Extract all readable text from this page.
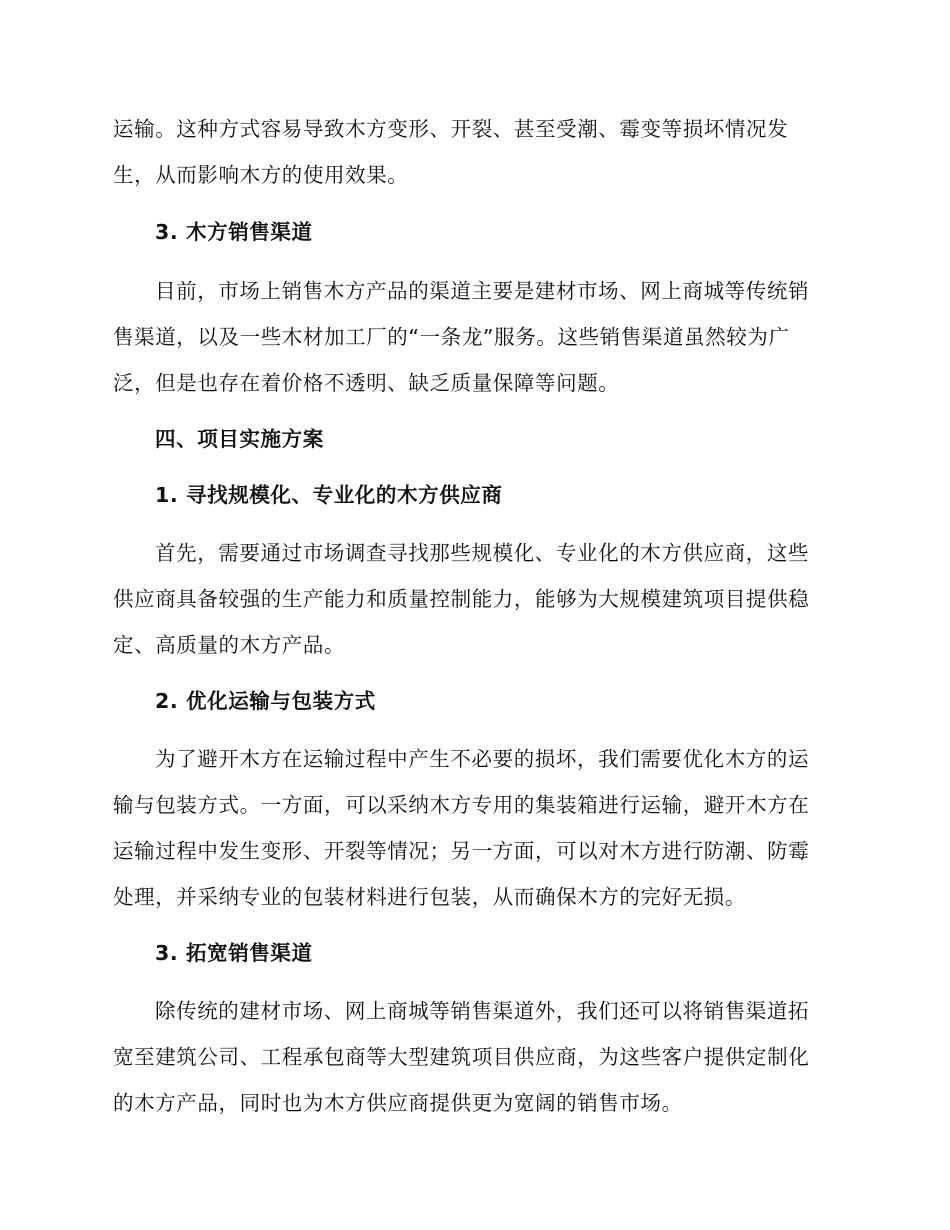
运输。这种方式容易导致木方变形、开裂、甚至受潮、霉变等损坏情况发
生，从而影响木方的使用效果。
3. 木方销售渠道
目前，市场上销售木方产品的渠道主要是建材市场、网上商城等传统销
售渠道，以及一些木材加工厂的“一条龙”服务。这些销售渠道虽然较为广
泛，但是也存在着价格不透明、缺乏质量保障等问题。
四、项目实施方案
1. 寻找规模化、专业化的木方供应商
首先，需要通过市场调查寻找那些规模化、专业化的木方供应商，这些
供应商具备较强的生产能力和质量控制能力，能够为大规模建筑项目提供稳
定、高质量的木方产品。
2. 优化运输与包装方式
为了避开木方在运输过程中产生不必要的损坏，我们需要优化木方的运
输与包装方式。一方面，可以采纳木方专用的集装箱进行运输，避开木方在
运输过程中发生变形、开裂等情况；另一方面，可以对木方进行防潮、防霉
处理，并采纳专业的包装材料进行包装，从而确保木方的完好无损。
3. 拓宽销售渠道
除传统的建材市场、网上商城等销售渠道外，我们还可以将销售渠道拓
宽至建筑公司、工程承包商等大型建筑项目供应商，为这些客户提供定制化
的木方产品，同时也为木方供应商提供更为宽阔的销售市场。
